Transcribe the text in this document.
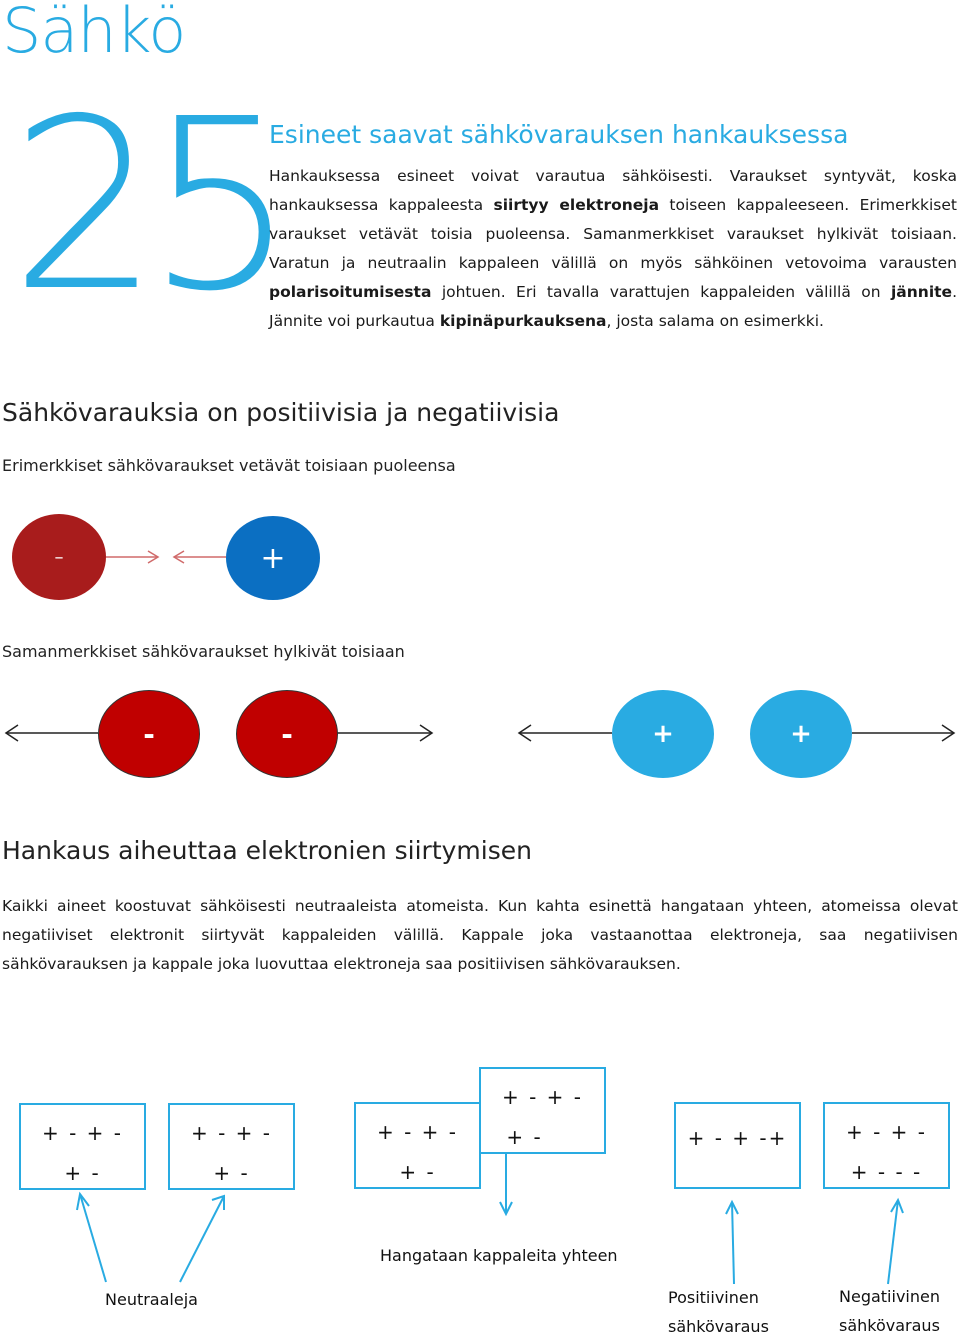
Sähkö
25
Esineet saavat sähkövarauksen hankauksessa
Hankauksessa esineet voivat varautua sähköisesti. Varaukset syntyvät, koska hankauksessa kappaleesta siirtyy elektroneja toiseen kappaleeseen. Erimerkkiset varaukset vetävät toisia puoleensa. Samanmerkkiset varaukset hylkivät toisiaan. Varatun ja neutraalin kappaleen välillä on myös sähköinen vetovoima varausten polarisoitumisesta johtuen. Eri tavalla varattujen kappaleiden välillä on jännite. Jännite voi purkautua kipinäpurkauksena, josta salama on esimerkki.
Sähkövarauksia on positiivisia ja negatiivisia
Erimerkkiset sähkövaraukset vetävät toisiaan puoleensa
–	+
Samanmerkkiset sähkövaraukset hylkivät toisiaan
-	-	+	+
Hankaus aiheuttaa elektronien siirtymisen
Kaikki aineet koostuvat sähköisesti neutraaleista atomeista. Kun kahta esinettä hangataan yhteen, atomeissa olevat negatiiviset elektronit siirtyvät kappaleiden välillä. Kappale joka vastaanottaa elektroneja, saa negatiivisen sähkövarauksen ja kappale joka luovuttaa elektroneja saa positiivisen sähkövarauksen.
+ - + -
+ -
+ - + -
+ -
+ - + -
+ -
+ - + -
+ -	+ - + -+	+ - + -
+ - - -
Hangataan kappaleita yhteen
Neutraaleja	Positiivinen
sähkövaraus
Negatiivinen
sähkövaraus
